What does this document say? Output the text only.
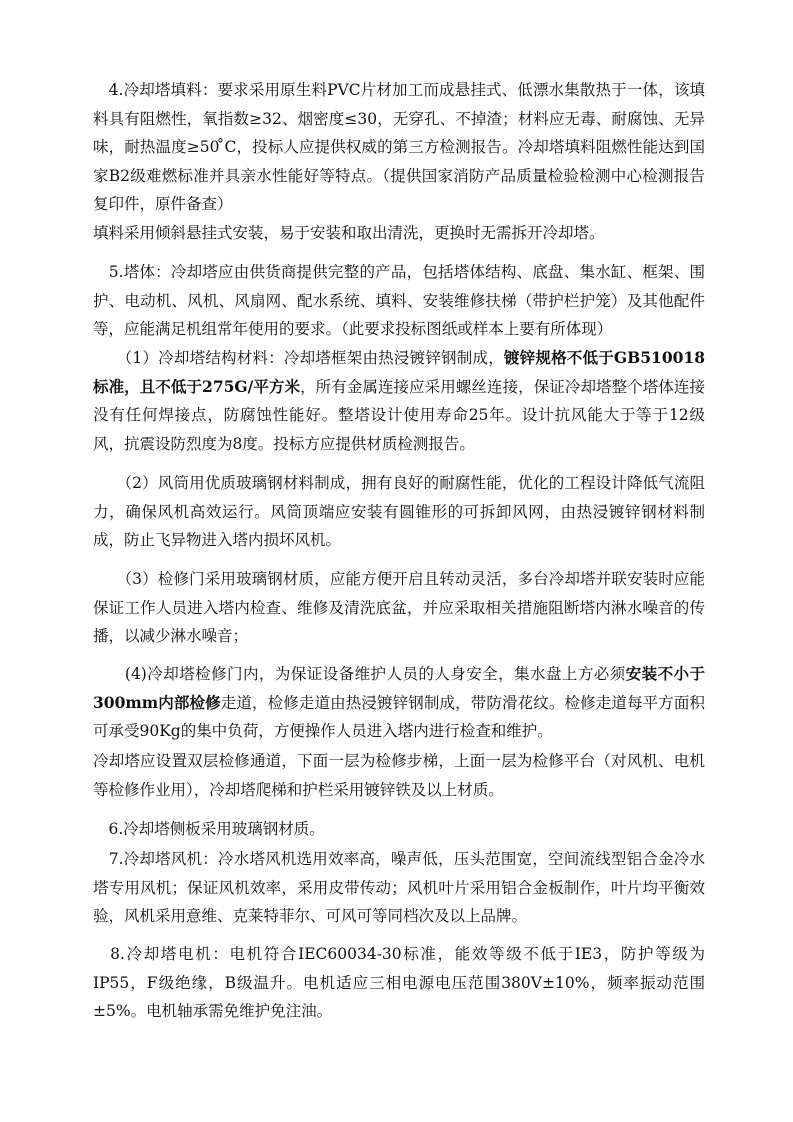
　4.冷却塔填料：要求采用原生料PVC片材加工而成悬挂式、低漂水集散热于一体，该填料具有阻燃性，氧指数≥32、烟密度≤30，无穿孔、不掉渣；材料应无毒、耐腐蚀、无异味，耐热温度≥50 ̊C，投标人应提供权威的第三方检测报告。冷却塔填料阻燃性能达到国家B2级难燃标准并具亲水性能好等特点。（提供国家消防产品质量检验检测中心检测报告复印件，原件备查）

填料采用倾斜悬挂式安装，易于安装和取出清洗，更换时无需拆开冷却塔。

　5.塔体：冷却塔应由供货商提供完整的产品，包括塔体结构、底盘、集水缸、框架、围护、电动机、风机、风扇网、配水系统、填料、安装维修扶梯（带护栏护笼）及其他配件等，应能满足机组常年使用的要求。（此要求投标图纸或样本上要有所体现）

　　（1）冷却塔结构材料：冷却塔框架由热浸镀锌钢制成，镀锌规格不低于GB510018标准，且不低于275G/平方米，所有金属连接应采用螺丝连接，保证冷却塔整个塔体连接没有任何焊接点，防腐蚀性能好。整塔设计使用寿命25年。设计抗风能大于等于12级风，抗震设防烈度为8度。投标方应提供材质检测报告。

　　（2）风筒用优质玻璃钢材料制成，拥有良好的耐腐性能，优化的工程设计降低气流阻力，确保风机高效运行。风筒顶端应安装有圆锥形的可拆卸风网，由热浸镀锌钢材料制成，防止飞异物进入塔内损坏风机。

　　（3）检修门采用玻璃钢材质，应能方便开启且转动灵活，多台冷却塔并联安装时应能保证工作人员进入塔内检查、维修及清洗底盆，并应采取相关措施阻断塔内淋水噪音的传播，以减少淋水噪音；

　　(4)冷却塔检修门内，为保证设备维护人员的人身安全，集水盘上方必须安装不小于300mm内部检修走道，检修走道由热浸镀锌钢制成，带防滑花纹。检修走道每平方面积可承受90Kg的集中负荷，方便操作人员进入塔内进行检查和维护。

冷却塔应设置双层检修通道，下面一层为检修步梯，上面一层为检修平台（对风机、电机等检修作业用），冷却塔爬梯和护栏采用镀锌铁及以上材质。

　6.冷却塔侧板采用玻璃钢材质。

　7.冷却塔风机：冷水塔风机选用效率高，噪声低，压头范围宽，空间流线型铝合金冷水塔专用风机；保证风机效率，采用皮带传动；风机叶片采用铝合金板制作，叶片均平衡效验，风机采用意维、克莱特菲尔、可风可等同档次及以上品牌。

　8.冷却塔电机：电机符合IEC60034-30标准，能效等级不低于IE3，防护等级为IP55，F级绝缘，B级温升。电机适应三相电源电压范围380V±10%，频率振动范围±5%。电机轴承需免维护免注油。
